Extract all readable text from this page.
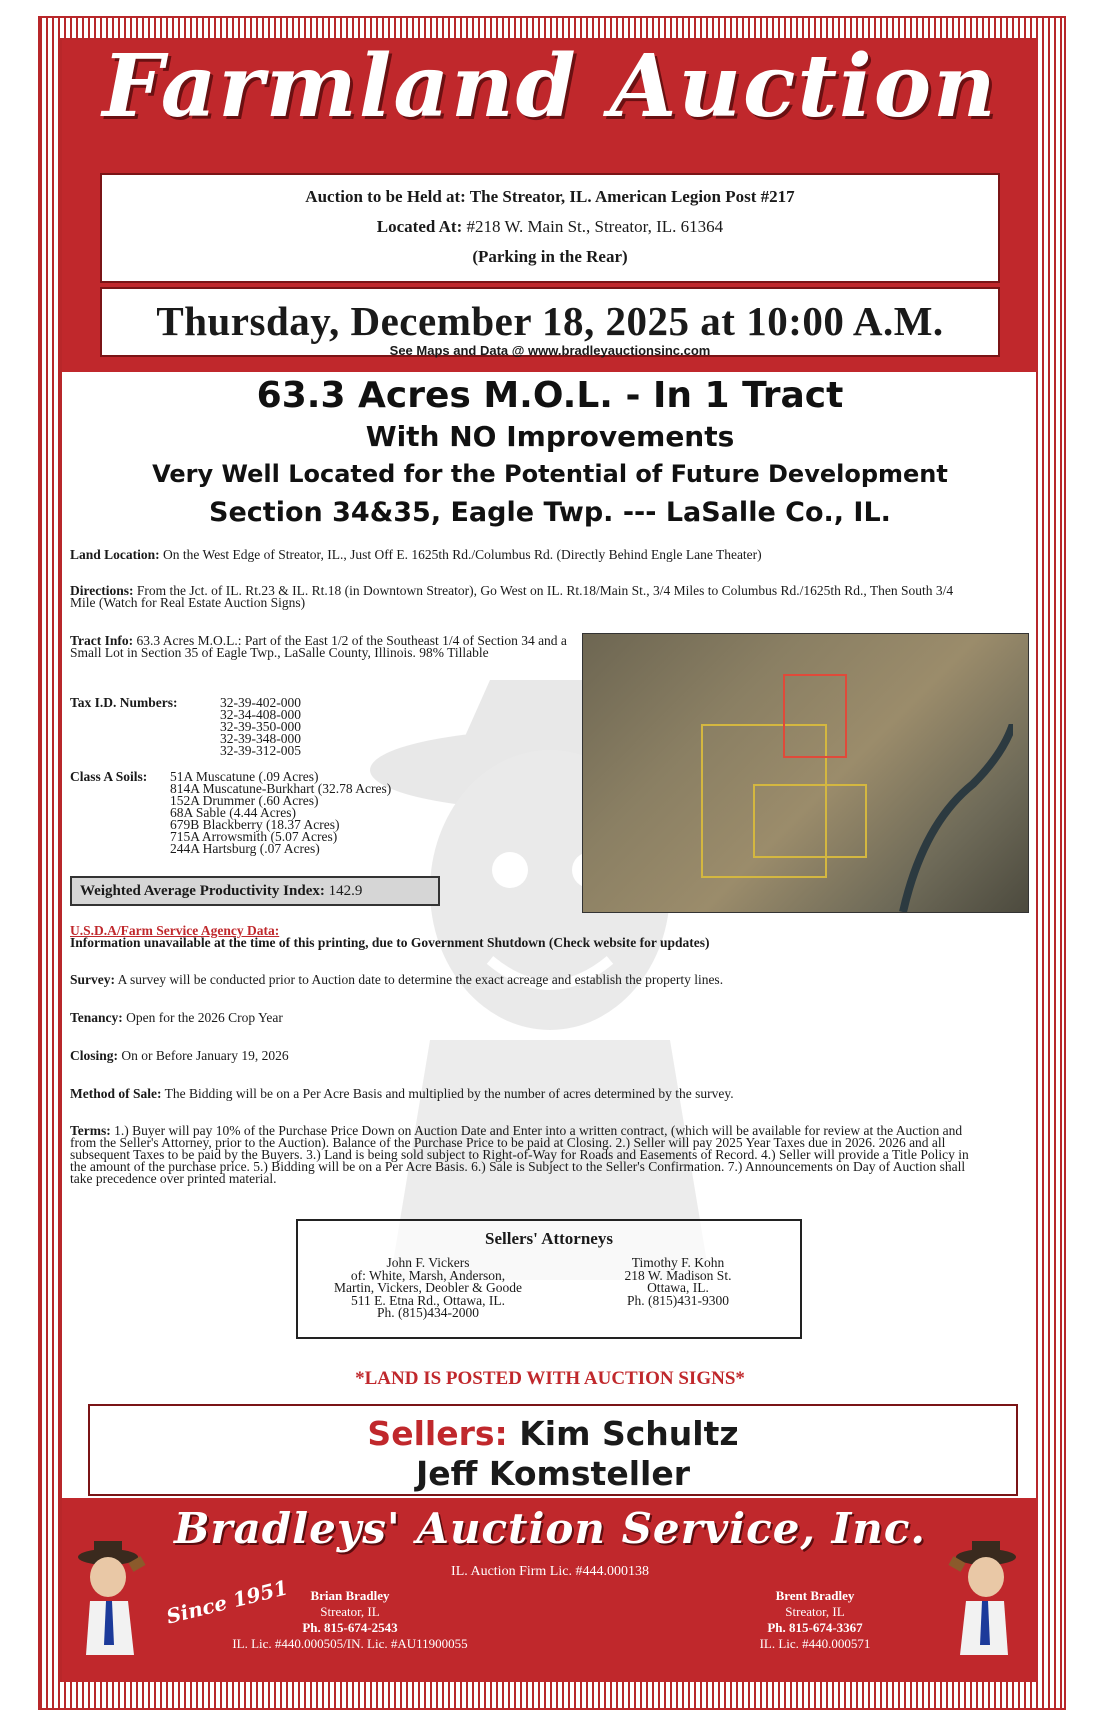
Farmland Auction
Auction to be Held at: The Streator, IL. American Legion Post #217
Located At: #218 W. Main St., Streator, IL. 61364
(Parking in the Rear)
Thursday, December 18, 2025 at 10:00 A.M.
See Maps and Data @ www.bradleyauctionsinc.com
63.3 Acres M.O.L. - In 1 Tract
With NO Improvements
Very Well Located for the Potential of Future Development
Section 34&35, Eagle Twp. --- LaSalle Co., IL.
Land Location: On the West Edge of Streator, IL., Just Off E. 1625th Rd./Columbus Rd. (Directly Behind Engle Lane Theater)
Directions: From the Jct. of IL. Rt.23 & IL. Rt.18 (in Downtown Streator), Go West on IL. Rt.18/Main St., 3/4 Miles to Columbus Rd./1625th Rd., Then South 3/4 Mile (Watch for Real Estate Auction Signs)
Tract Info: 63.3 Acres M.O.L.: Part of the East 1/2 of the Southeast 1/4 of Section 34 and a Small Lot in Section 35 of Eagle Twp., LaSalle County, Illinois. 98% Tillable
Tax I.D. Numbers:	32-39-402-000
32-34-408-000
32-39-350-000
32-39-348-000
32-39-312-005
Class A Soils:	51A Muscatune (.09 Acres)
814A Muscatune-Burkhart (32.78 Acres)
152A Drummer (.60 Acres)
68A Sable (4.44 Acres)
679B Blackberry (18.37 Acres)
715A Arrowsmith (5.07 Acres)
244A Hartsburg (.07 Acres)
Weighted Average Productivity Index: 142.9
U.S.D.A/Farm Service Agency Data:
Information unavailable at the time of this printing, due to Government Shutdown (Check website for updates)
Survey: A survey will be conducted prior to Auction date to determine the exact acreage and establish the property lines.
Tenancy: Open for the 2026 Crop Year
Closing: On or Before January 19, 2026
Method of Sale: The Bidding will be on a Per Acre Basis and multiplied by the number of acres determined by the survey.
Terms: 1.) Buyer will pay 10% of the Purchase Price Down on Auction Date and Enter into a written contract, (which will be available for review at the Auction and from the Seller's Attorney, prior to the Auction). Balance of the Purchase Price to be paid at Closing. 2.) Seller will pay 2025 Year Taxes due in 2026. 2026 and all subsequent Taxes to be paid by the Buyers. 3.) Land is being sold subject to Right-of-Way for Roads and Easements of Record. 4.) Seller will provide a Title Policy in the amount of the purchase price. 5.) Bidding will be on a Per Acre Basis. 6.) Sale is Subject to the Seller's Confirmation. 7.) Announcements on Day of Auction shall take precedence over printed material.
Sellers' Attorneys
John F. Vickers
of: White, Marsh, Anderson,
Martin, Vickers, Deobler & Goode
511 E. Etna Rd., Ottawa, IL.
Ph. (815)434-2000
Timothy F. Kohn
218 W. Madison St.
Ottawa, IL.
Ph. (815)431-9300
*LAND IS POSTED WITH AUCTION SIGNS*
Sellers: Kim Schultz
Jeff Komsteller
Bradleys' Auction Service, Inc.
IL. Auction Firm Lic. #444.000138
Since 1951	Brian Bradley
Streator, IL
Ph. 815-674-2543
IL. Lic. #440.000505/IN. Lic. #AU11900055
Brent Bradley
Streator, IL
Ph. 815-674-3367
IL. Lic. #440.000571
